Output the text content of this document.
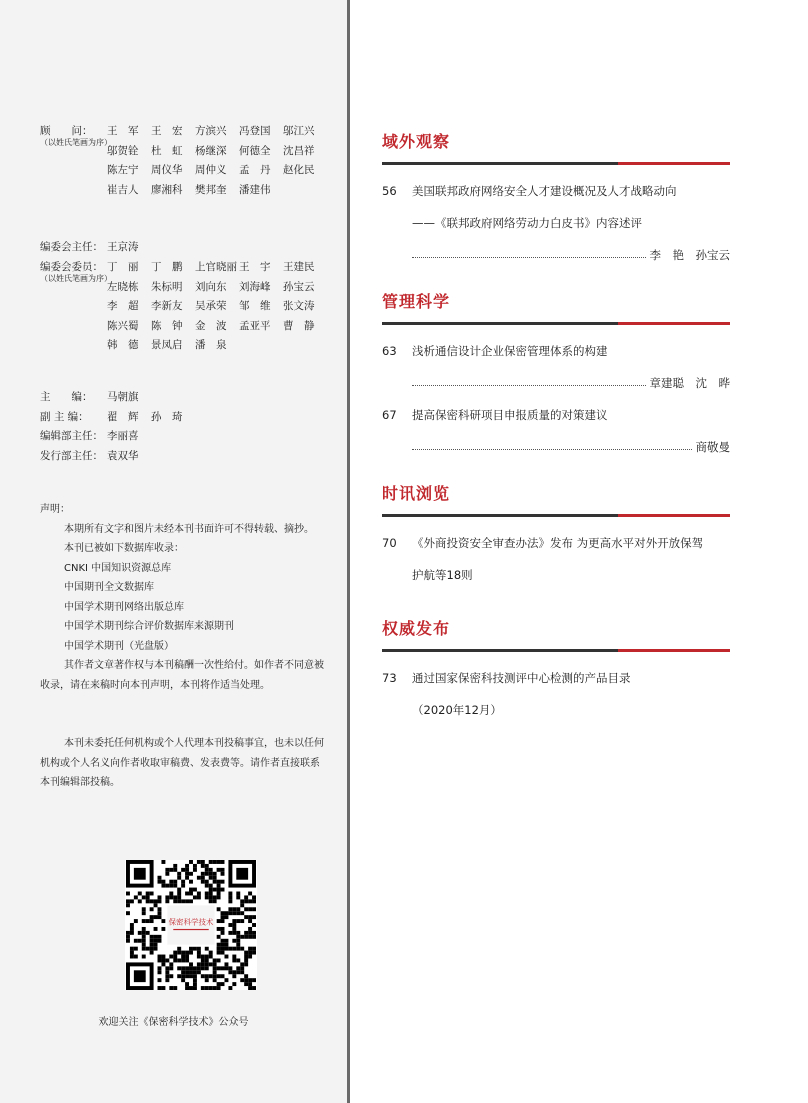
顾　　问：
（以姓氏笔画为序）
王　军	王　宏	方滨兴	冯登国	邬江兴
邬贺铨	杜　虹	杨继深	何德全	沈昌祥
陈左宁	周仪华	周仲义	孟　丹	赵化民
崔吉人	廖湘科	樊邦奎	潘建伟
编委会主任： 王京涛
编委会委员：
（以姓氏笔画为序）
丁　丽	丁　鹏	上官晓丽 王　宇	王建民
左晓栋	朱标明	刘向东	刘海峰	孙宝云
李　超	李新友	吴承荣	邹　维	张文涛
陈兴蜀	陈　钟	金　波	孟亚平	曹　静
韩　德	景凤启	潘　泉
主　　编：	马朝旗
副 主 编：	翟　辉	孙　琦
编辑部主任： 李丽喜
发行部主任： 袁双华

声明：

本期所有文字和图片未经本刊书面许可不得转载、摘抄。

本刊已被如下数据库收录：

CNKI 中国知识资源总库

中国期刊全文数据库

中国学术期刊网络出版总库

中国学术期刊综合评价数据库来源期刊

中国学术期刊（光盘版）

其作者文章著作权与本刊稿酬一次性给付。如作者不同意被收录，请在来稿时向本刊声明，本刊将作适当处理。

本刊未委托任何机构或个人代理本刊投稿事宜，也未以任何机构或个人名义向作者收取审稿费、发表费等。请作者直接联系本刊编辑部投稿。

保密科学技术
欢迎关注《保密科学技术》公众号
域外观察
56 美国联邦政府网络安全人才建设概况及人才战略动向
——《联邦政府网络劳动力白皮书》内容述评
李　艳　孙宝云
管理科学
63 浅析通信设计企业保密管理体系的构建
章建聪　沈　晔
67 提高保密科研项目申报质量的对策建议
商敬曼
时讯浏览
70 《外商投资安全审查办法》发布 为更高水平对外开放保驾
护航等18则
权威发布
73 通过国家保密科技测评中心检测的产品目录
（2020年12月）
